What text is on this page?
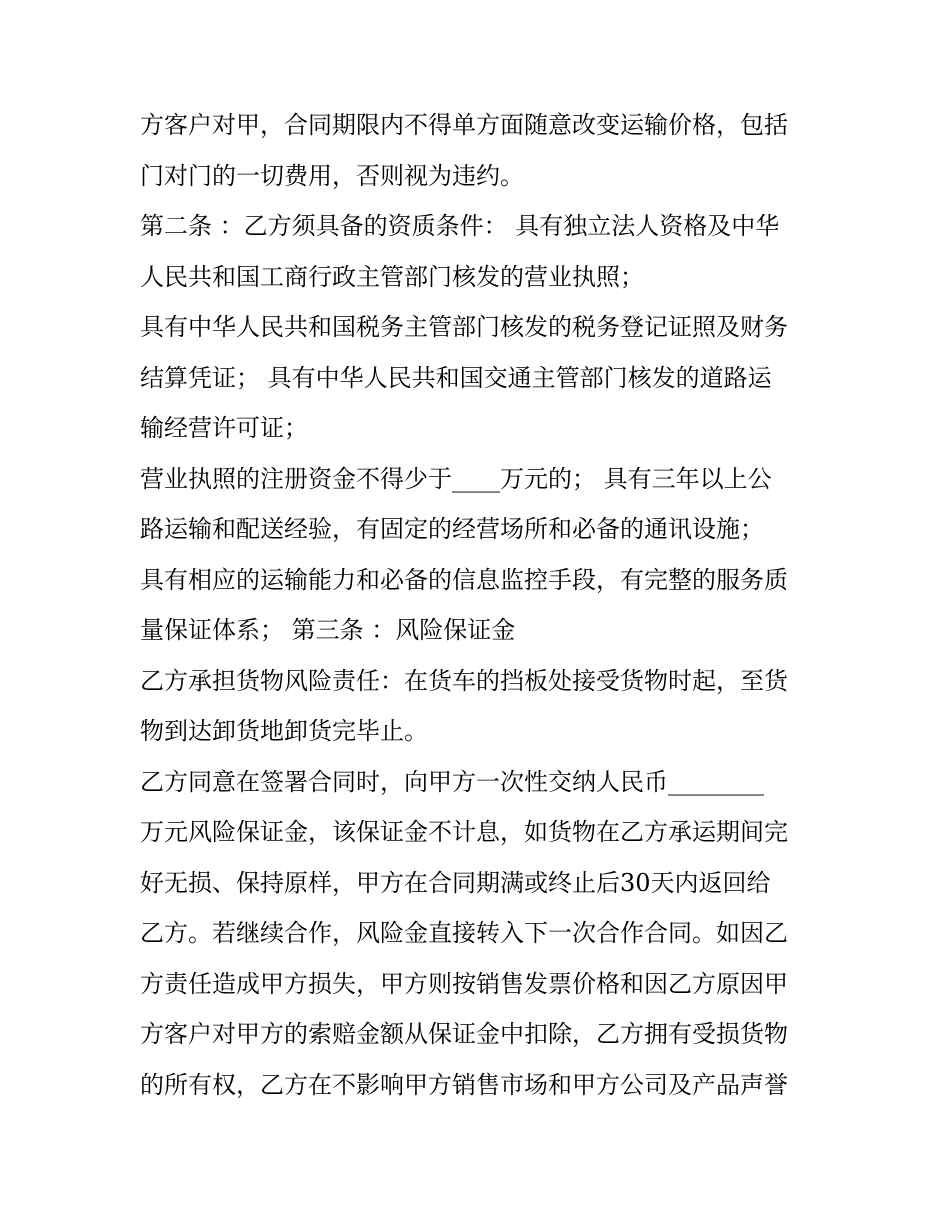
方客户对甲，合同期限内不得单方面随意改变运输价格，包括
门对门的一切费用，否则视为违约。
第二条 ：乙方须具备的资质条件： 具有独立法人资格及中华
人民共和国工商行政主管部门核发的营业执照；
具有中华人民共和国税务主管部门核发的税务登记证照及财务
结算凭证； 具有中华人民共和国交通主管部门核发的道路运
输经营许可证；
营业执照的注册资金不得少于____万元的； 具有三年以上公
路运输和配送经验，有固定的经营场所和必备的通讯设施；
具有相应的运输能力和必备的信息监控手段，有完整的服务质
量保证体系； 第三条 ：风险保证金
乙方承担货物风险责任：在货车的挡板处接受货物时起，至货
物到达卸货地卸货完毕止。
乙方同意在签署合同时，向甲方一次性交纳人民币________
万元风险保证金，该保证金不计息，如货物在乙方承运期间完
好无损、保持原样，甲方在合同期满或终止后30天内返回给
乙方。若继续合作，风险金直接转入下一次合作合同。如因乙
方责任造成甲方损失，甲方则按销售发票价格和因乙方原因甲
方客户对甲方的索赔金额从保证金中扣除，乙方拥有受损货物
的所有权，乙方在不影响甲方销售市场和甲方公司及产品声誉
